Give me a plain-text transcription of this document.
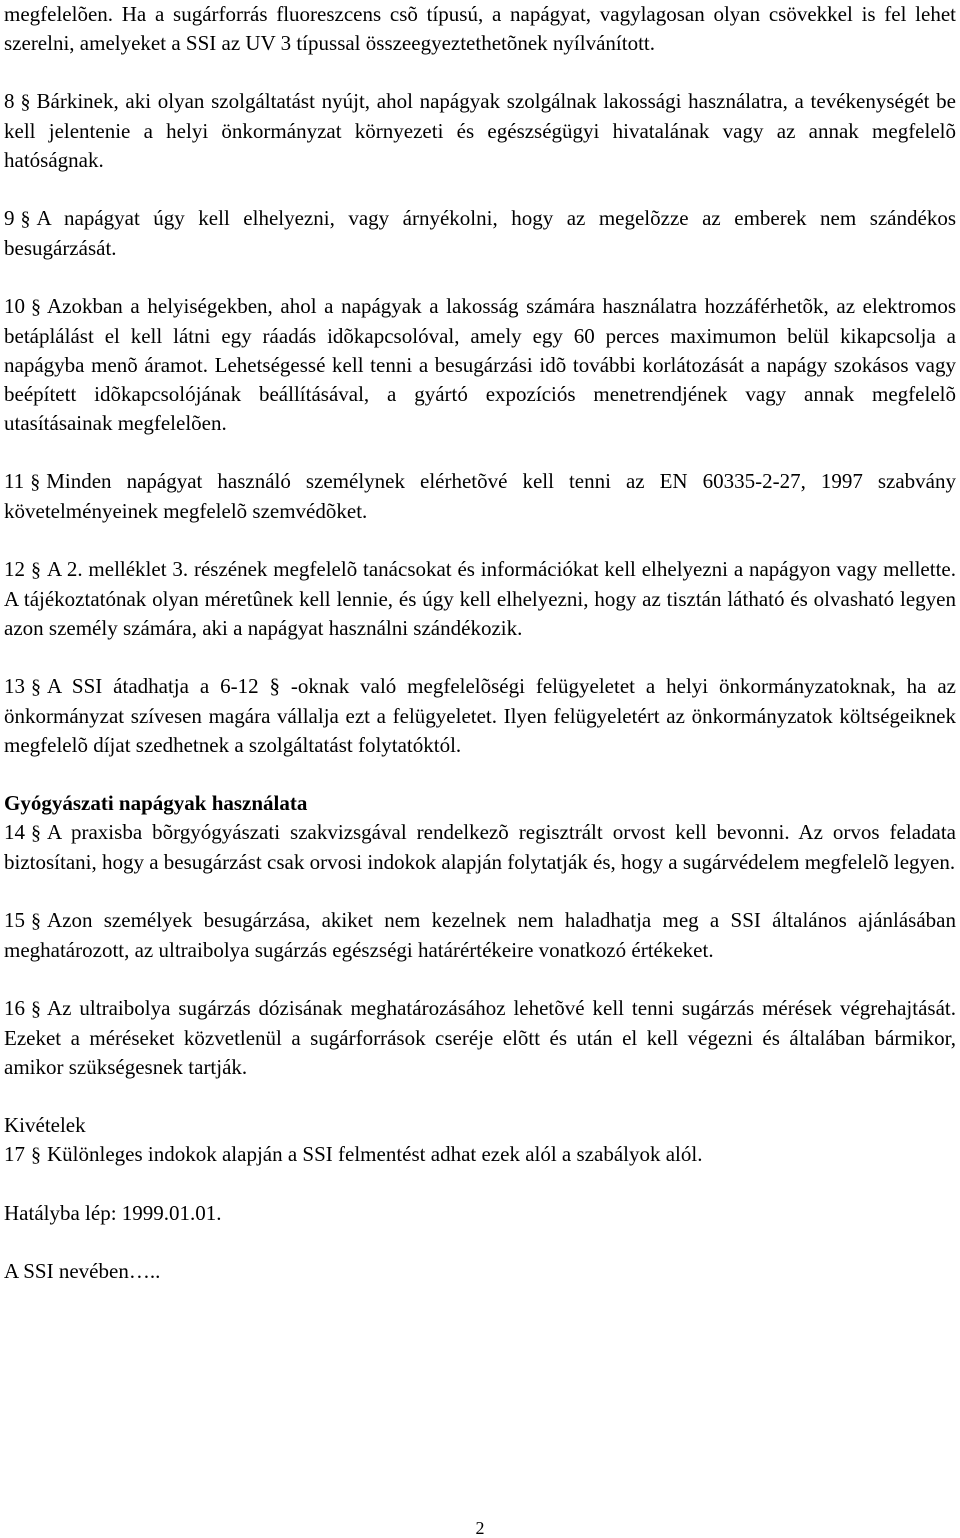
megfelelõen. Ha a sugárforrás fluoreszcens csõ típusú, a napágyat, vagylagosan olyan csövekkel is fel lehet szerelni, amelyeket a SSI az UV 3 típussal összeegyeztethetõnek nyílvánított.

8 § Bárkinek, aki olyan szolgáltatást nyújt, ahol napágyak szolgálnak lakossági használatra, a tevékenységét be kell jelentenie a helyi önkormányzat környezeti és egészségügyi hivatalának vagy az annak megfelelõ hatóságnak.

9 § A napágyat úgy kell elhelyezni, vagy árnyékolni, hogy az megelõzze az emberek nem szándékos besugárzását.

10 § Azokban a helyiségekben, ahol a napágyak a lakosság számára használatra hozzáférhetõk, az elektromos betáplálást el kell látni egy ráadás idõkapcsolóval, amely egy 60 perces maximumon belül kikapcsolja a napágyba menõ áramot. Lehetségessé kell tenni a besugárzási idõ további korlátozását a napágy szokásos vagy beépített idõkapcsolójának beállításával, a gyártó expozíciós menetrendjének vagy annak megfelelõ utasításainak megfelelõen.

11 § Minden napágyat használó személynek elérhetõvé kell tenni az EN 60335-2-27, 1997 szabvány követelményeinek megfelelõ szemvédõket.

12 § A 2. melléklet 3. részének megfelelõ tanácsokat és információkat kell elhelyezni a napágyon vagy mellette. A tájékoztatónak olyan méretûnek kell lennie, és úgy kell elhelyezni, hogy az tisztán látható és olvasható legyen azon személy számára, aki a napágyat használni szándékozik.

13 § A SSI átadhatja a 6-12 § -oknak való megfelelõségi felügyeletet a helyi önkormányzatoknak, ha az önkormányzat szívesen magára vállalja ezt a felügyeletet. Ilyen felügyeletért az önkormányzatok költségeiknek megfelelõ díjat szedhetnek a szolgáltatást folytatóktól.

Gyógyászati napágyak használata

14 § A praxisba bõrgyógyászati szakvizsgával rendelkezõ regisztrált orvost kell bevonni. Az orvos feladata biztosítani, hogy a besugárzást csak orvosi indokok alapján folytatják és, hogy a sugárvédelem megfelelõ legyen.

15 § Azon személyek besugárzása, akiket nem kezelnek nem haladhatja meg a SSI általános ajánlásában meghatározott, az ultraibolya sugárzás egészségi határértékeire vonatkozó értékeket.

16 § Az ultraibolya sugárzás dózisának meghatározásához lehetõvé kell tenni sugárzás mérések végrehajtását. Ezeket a méréseket közvetlenül a sugárforrások cseréje elõtt és után el kell végezni és általában bármikor, amikor szükségesnek tartják.

Kivételek

17 § Különleges indokok alapján a SSI felmentést adhat ezek alól a szabályok alól.

Hatályba lép: 1999.01.01.

A SSI nevében…..

2
